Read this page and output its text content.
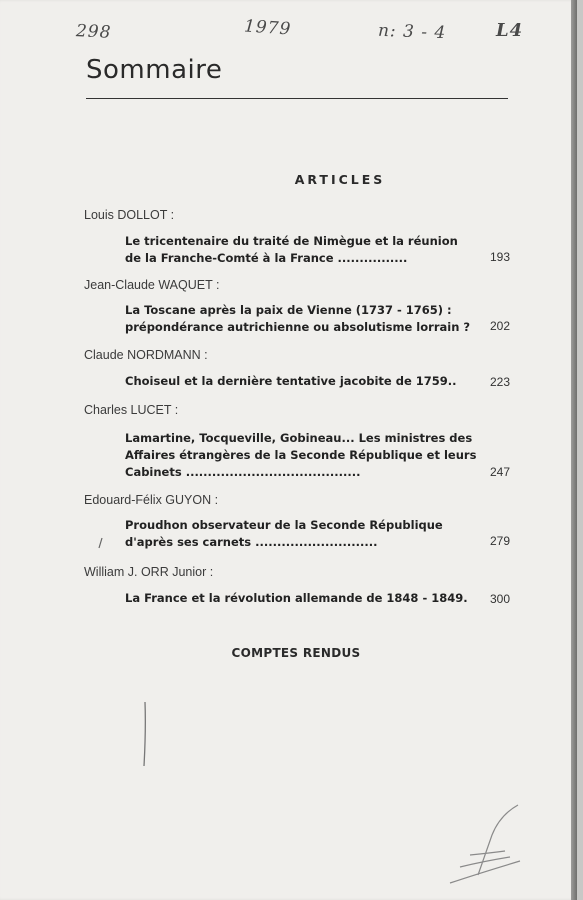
298	1979	n: 3 - 4	L4
Sommaire
ARTICLES
Louis DOLLOT :
Le tricentenaire du traité de Nimègue et la réunion
de la Franche-Comté à la France ................	193
Jean-Claude WAQUET :
La Toscane après la paix de Vienne (1737 - 1765) :
prépondérance autrichienne ou absolutisme lorrain ?	202
Claude NORDMANN :
Choiseul et la dernière tentative jacobite de 1759..	223
Charles LUCET :
Lamartine, Tocqueville, Gobineau... Les ministres des
Affaires étrangères de la Seconde République et leurs
Cabinets ........................................	247
Edouard-Félix GUYON :
Proudhon observateur de la Seconde République
d'après ses carnets ............................	279
William J. ORR Junior :
La France et la révolution allemande de 1848 - 1849.	300
COMPTES RENDUS
